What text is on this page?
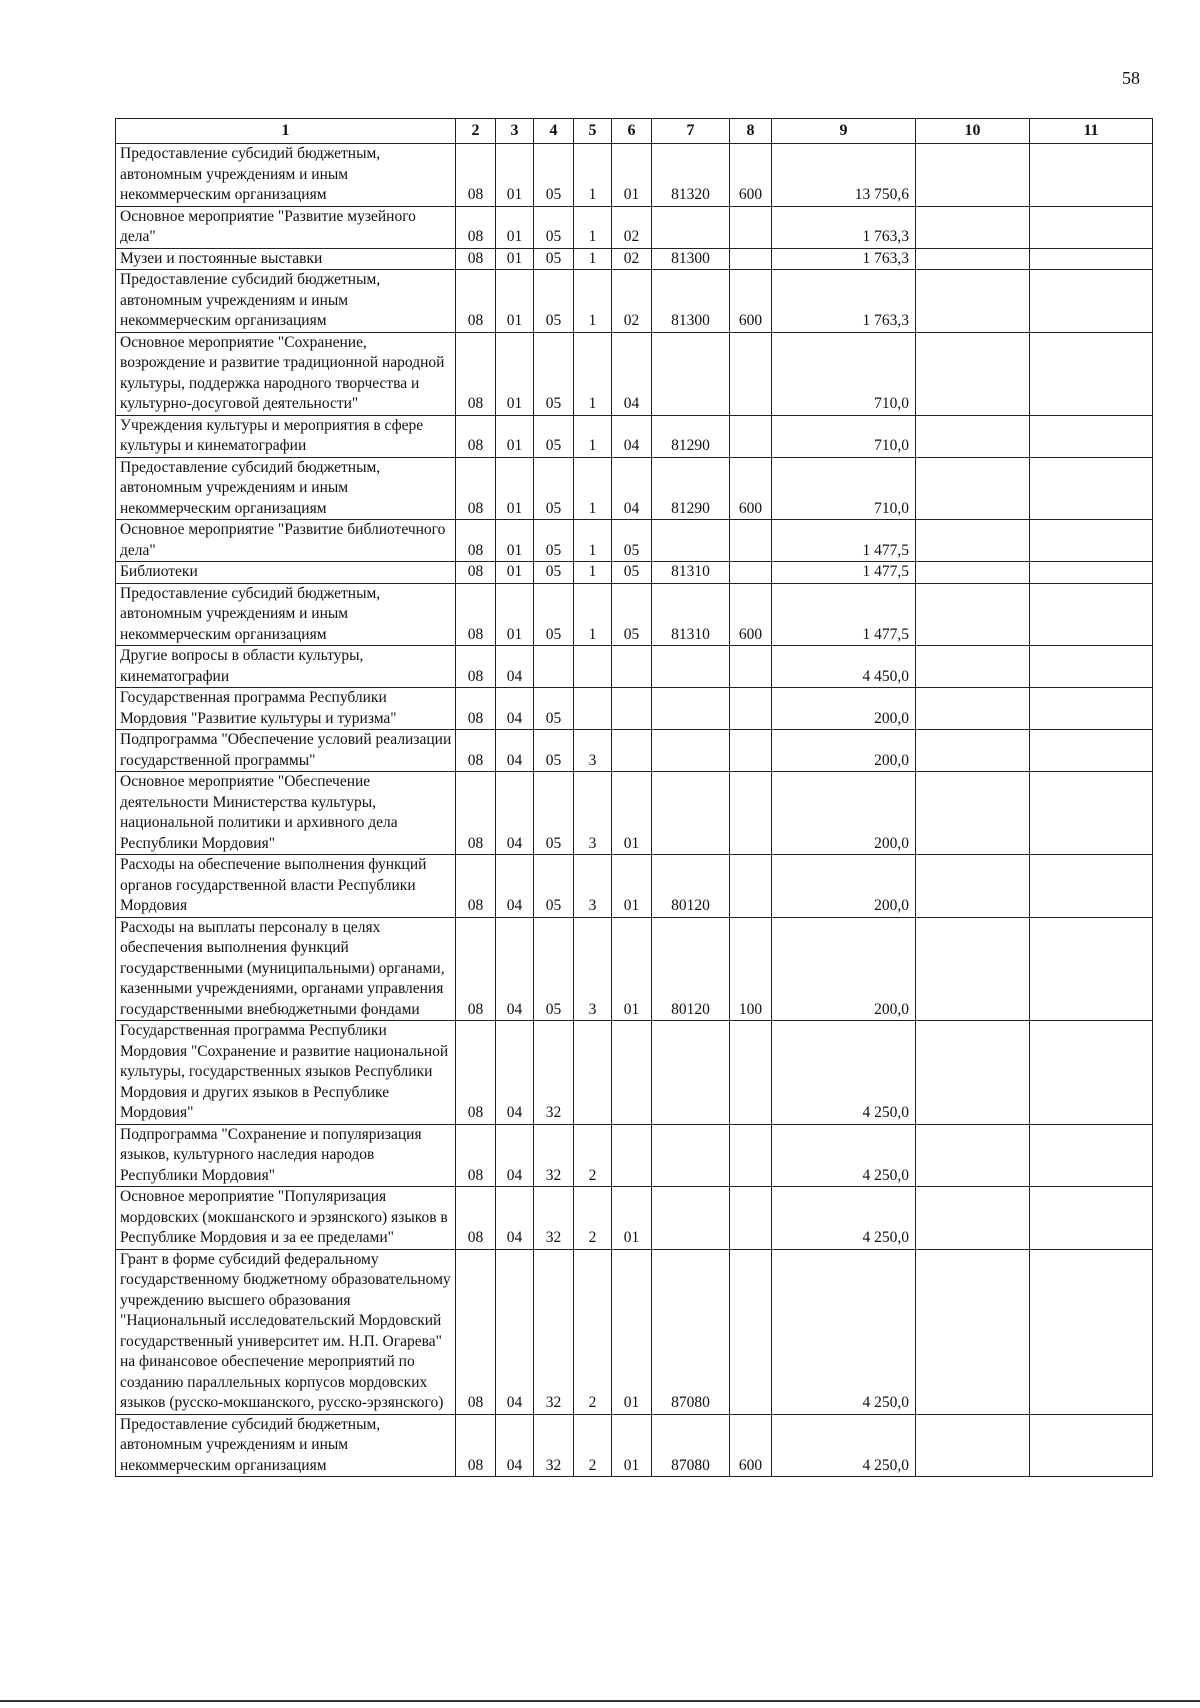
58
1	2	3	4	5	6	7	8	9	10	11
Предоставление субсидий бюджетным, автономным учреждениям и иным некоммерческим организациям	08	01	05	1	01	81320	600	13 750,6		
Основное мероприятие "Развитие музейного дела"	08	01	05	1	02			1 763,3		
Музеи и постоянные выставки	08	01	05	1	02	81300		1 763,3		
Предоставление субсидий бюджетным, автономным учреждениям и иным некоммерческим организациям	08	01	05	1	02	81300	600	1 763,3		
Основное мероприятие "Сохранение, возрождение и развитие традиционной народной культуры, поддержка народного творчества и культурно-досуговой деятельности"	08	01	05	1	04			710,0		
Учреждения культуры и мероприятия в сфере культуры и кинематографии	08	01	05	1	04	81290		710,0		
Предоставление субсидий бюджетным, автономным учреждениям и иным некоммерческим организациям	08	01	05	1	04	81290	600	710,0		
Основное мероприятие "Развитие библиотечного дела"	08	01	05	1	05			1 477,5		
Библиотеки	08	01	05	1	05	81310		1 477,5		
Предоставление субсидий бюджетным, автономным учреждениям и иным некоммерческим организациям	08	01	05	1	05	81310	600	1 477,5		
Другие вопросы в области культуры, кинематографии	08	04						4 450,0		
Государственная программа Республики Мордовия "Развитие культуры и туризма"	08	04	05					200,0		
Подпрограмма "Обеспечение условий реализации государственной программы"	08	04	05	3				200,0		
Основное мероприятие "Обеспечение деятельности Министерства культуры, национальной политики и архивного дела Республики Мордовия"	08	04	05	3	01			200,0		
Расходы на обеспечение выполнения функций органов государственной власти Республики Мордовия	08	04	05	3	01	80120		200,0		
Расходы на выплаты персоналу в целях обеспечения выполнения функций государственными (муниципальными) органами, казенными учреждениями, органами управления государственными внебюджетными фондами	08	04	05	3	01	80120	100	200,0		
Государственная программа Республики Мордовия "Сохранение и развитие национальной культуры, государственных языков Республики Мордовия и других языков в Республике Мордовия"	08	04	32					4 250,0		
Подпрограмма "Сохранение и популяризация языков, культурного наследия народов Республики Мордовия"	08	04	32	2				4 250,0		
Основное мероприятие "Популяризация мордовских (мокшанского и эрзянского) языков в Республике Мордовия и за ее пределами"	08	04	32	2	01			4 250,0		
Грант в форме субсидий федеральному государственному бюджетному образовательному учреждению высшего образования "Национальный исследовательский Мордовский государственный университет им. Н.П. Огарева" на финансовое обеспечение мероприятий по созданию параллельных корпусов мордовских языков (русско-мокшанского, русско-эрзянского)	08	04	32	2	01	87080		4 250,0		
Предоставление субсидий бюджетным, автономным учреждениям и иным некоммерческим организациям	08	04	32	2	01	87080	600	4 250,0		
